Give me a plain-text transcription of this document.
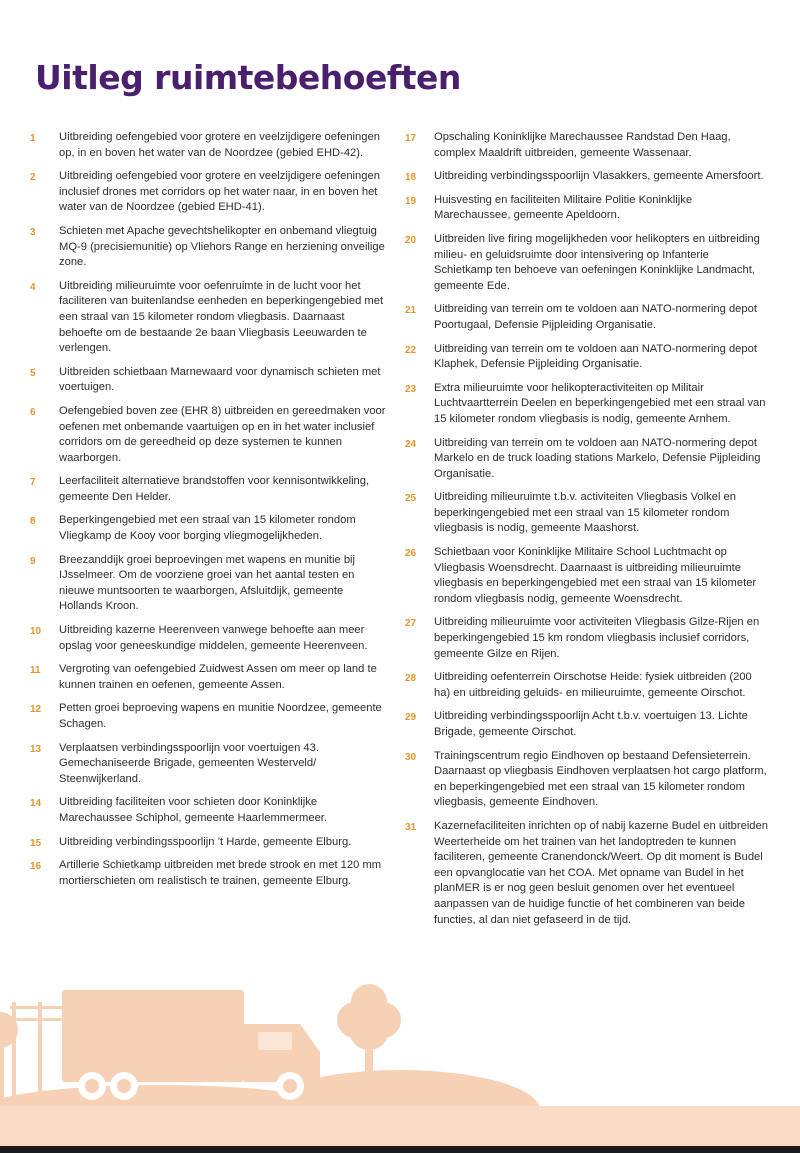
Uitleg ruimtebehoeften
1	Uitbreiding oefengebied voor grotere en veelzijdigere oefeningen op, in en boven het water van de Noordzee (gebied EHD-42).
2	Uitbreiding oefengebied voor grotere en veelzijdigere oefeningen inclusief drones met corridors op het water naar, in en boven het water van de Noordzee (gebied EHD-41).
3	Schieten met Apache gevechtshelikopter en onbemand vliegtuig MQ-9 (precisiemunitie) op Vliehors Range en herziening onveilige zone.
4	Uitbreiding milieuruimte voor oefenruimte in de lucht voor het faciliteren van buitenlandse eenheden en beperkingengebied met een straal van 15 kilometer rondom vliegbasis. Daarnaast behoefte om de bestaande 2e baan Vliegbasis Leeuwarden te verlengen.
5	Uitbreiden schietbaan Marnewaard voor dynamisch schieten met voertuigen.
6	Oefengebied boven zee (EHR 8) uitbreiden en gereedmaken voor oefenen met onbemande vaartuigen op en in het water inclusief corridors om de gereedheid op deze systemen te kunnen waarborgen.
7	Leerfaciliteit alternatieve brandstoffen voor kennisontwikkeling, gemeente Den Helder.
8	Beperkingengebied met een straal van 15 kilometer rondom Vliegkamp de Kooy voor borging vliegmogelijkheden.
9	Breezanddijk groei beproevingen met wapens en munitie bij IJsselmeer. Om de voorziene groei van het aantal testen en nieuwe muntsoorten te waarborgen, Afsluitdijk, gemeente Hollands Kroon.
10	Uitbreiding kazerne Heerenveen vanwege behoefte aan meer opslag voor geneeskundige middelen, gemeente Heerenveen.
11	Vergroting van oefengebied Zuidwest Assen om meer op land te kunnen trainen en oefenen, gemeente Assen.
12	Petten groei beproeving wapens en munitie Noordzee, gemeente Schagen.
13	Verplaatsen verbindingsspoorlijn voor voertuigen 43. Gemechaniseerde Brigade, gemeenten Westerveld/ Steenwijkerland.
14	Uitbreiding faciliteiten voor schieten door Koninklijke Marechaussee Schiphol, gemeente Haarlemmermeer.
15	Uitbreiding verbindingsspoorlijn ’t Harde, gemeente Elburg.
16	Artillerie Schietkamp uitbreiden met brede strook en met 120 mm mortierschieten om realistisch te trainen, gemeente Elburg.
17	Opschaling Koninklijke Marechaussee Randstad Den Haag, complex Maaldrift uitbreiden, gemeente Wassenaar.
18	Uitbreiding verbindingsspoorlijn Vlasakkers, gemeente Amersfoort.
19	Huisvesting en faciliteiten Militaire Politie Koninklijke Marechaussee, gemeente Apeldoorn.
20	Uitbreiden live firing mogelijkheden voor helikopters en uitbreiding milieu- en geluidsruimte door intensivering op Infanterie Schietkamp ten behoeve van oefeningen Koninklijke Landmacht, gemeente Ede.
21	Uitbreiding van terrein om te voldoen aan NATO-normering depot Poortugaal, Defensie Pijpleiding Organisatie.
22	Uitbreiding van terrein om te voldoen aan NATO-normering depot Klaphek, Defensie Pijpleiding Organisatie.
23	Extra milieuruimte voor helikopteractiviteiten op Militair Luchtvaartterrein Deelen en beperkingengebied met een straal van 15 kilometer rondom vliegbasis is nodig, gemeente Arnhem.
24	Uitbreiding van terrein om te voldoen aan NATO-normering depot Markelo en de truck loading stations Markelo, Defensie Pijpleiding Organisatie.
25	Uitbreiding milieuruimte t.b.v. activiteiten Vliegbasis Volkel en beperkingengebied met een straal van 15 kilometer rondom vliegbasis is nodig, gemeente Maashorst.
26	Schietbaan voor Koninklijke Militaire School Luchtmacht op Vliegbasis Woensdrecht. Daarnaast is uitbreiding milieuruimte vliegbasis en beperkingengebied met een straal van 15 kilometer rondom vliegbasis nodig, gemeente Woensdrecht.
27	Uitbreiding milieuruimte voor activiteiten Vliegbasis Gilze-Rijen en beperkingengebied 15 km rondom vliegbasis inclusief corridors, gemeente Gilze en Rijen.
28	Uitbreiding oefenterrein Oirschotse Heide: fysiek uitbreiden (200 ha) en uitbreiding geluids- en milieuruimte, gemeente Oirschot.
29	Uitbreiding verbindingsspoorlijn Acht t.b.v. voertuigen 13. Lichte Brigade, gemeente Oirschot.
30	Trainingscentrum regio Eindhoven op bestaand Defensieterrein. Daarnaast op vliegbasis Eindhoven verplaatsen hot cargo platform, en beperkingengebied met een straal van 15 kilometer rondom vliegbasis, gemeente Eindhoven.
31	Kazernefaciliteiten inrichten op of nabij kazerne Budel en uitbreiden Weerterheide om het trainen van het landoptreden te kunnen faciliteren, gemeente Cranendonck/Weert. Op dit moment is Budel een opvanglocatie van het COA. Met opname van Budel in het planMER is er nog geen besluit genomen over het eventueel aanpassen van de huidige functie of het combineren van beide functies, al dan niet gefaseerd in de tijd.
